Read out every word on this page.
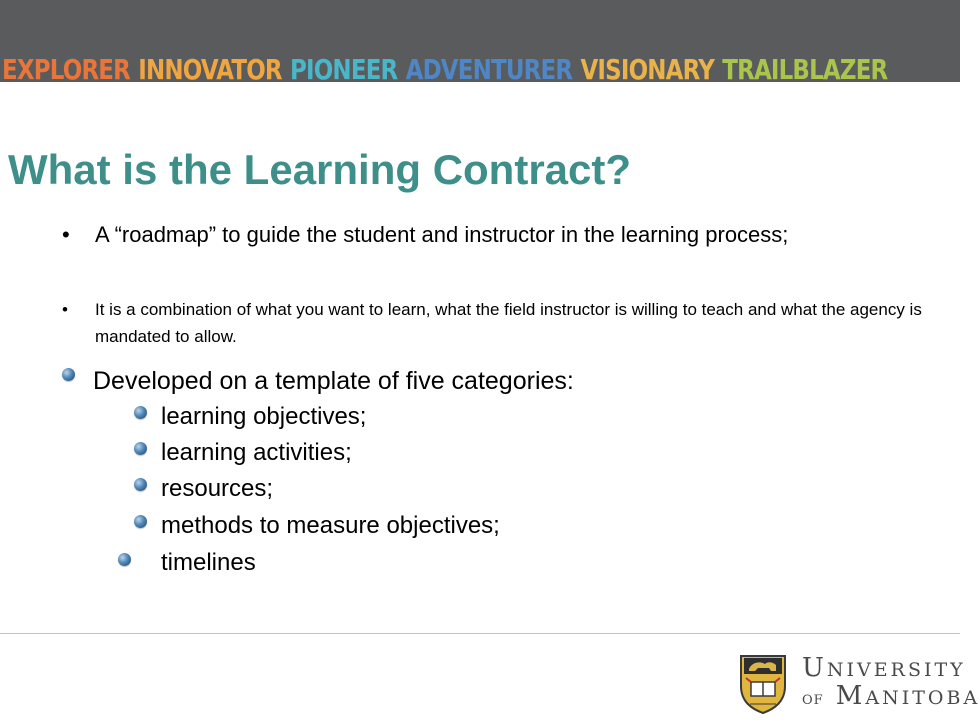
EXPLORER INNOVATOR PIONEER ADVENTURER VISIONARY TRAILBLAZER
What is the Learning Contract?
• A “roadmap” to guide the student and instructor in the learning process;
• It is a combination of what you want to learn, what the field instructor is willing to teach and what the agency is mandated to allow.
Developed on a template of five categories:
learning objectives;
learning activities;
resources;
methods to measure objectives;
timelines
UNIVERSITY
OF MANITOBA
